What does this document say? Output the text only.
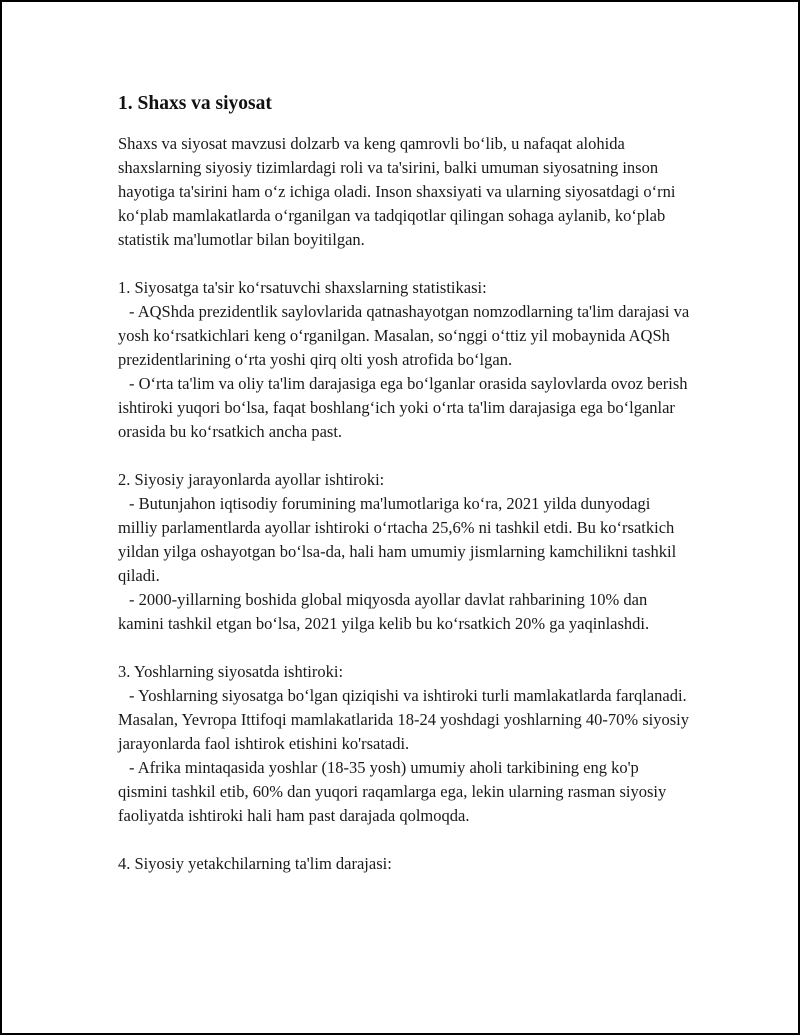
1. Shaxs va siyosat

Shaxs va siyosat mavzusi dolzarb va keng qamrovli bo‘lib, u nafaqat alohida shaxslarning siyosiy tizimlardagi roli va ta'sirini, balki umuman siyosatning inson hayotiga ta'sirini ham o‘z ichiga oladi. Inson shaxsiyati va ularning siyosatdagi o‘rni ko‘plab mamlakatlarda o‘rganilgan va tadqiqotlar qilingan sohaga aylanib, ko‘plab statistik ma'lumotlar bilan boyitilgan.

1. Siyosatga ta'sir ko‘rsatuvchi shaxslarning statistikasi:

- AQShda prezidentlik saylovlarida qatnashayotgan nomzodlarning ta'lim darajasi va yosh ko‘rsatkichlari keng o‘rganilgan. Masalan, so‘nggi o‘ttiz yil mobaynida AQSh prezidentlarining o‘rta yoshi qirq olti yosh atrofida bo‘lgan.

- O‘rta ta'lim va oliy ta'lim darajasiga ega bo‘lganlar orasida saylovlarda ovoz berish ishtiroki yuqori bo‘lsa, faqat boshlang‘ich yoki o‘rta ta'lim darajasiga ega bo‘lganlar orasida bu ko‘rsatkich ancha past.

2. Siyosiy jarayonlarda ayollar ishtiroki:

- Butunjahon iqtisodiy forumining ma'lumotlariga ko‘ra, 2021 yilda dunyodagi milliy parlamentlarda ayollar ishtiroki o‘rtacha 25,6% ni tashkil etdi. Bu ko‘rsatkich yildan yilga oshayotgan bo‘lsa-da, hali ham umumiy jismlarning kamchilikni tashkil qiladi.

- 2000-yillarning boshida global miqyosda ayollar davlat rahbarining 10% dan kamini tashkil etgan bo‘lsa, 2021 yilga kelib bu ko‘rsatkich 20% ga yaqinlashdi.

3. Yoshlarning siyosatda ishtiroki:

- Yoshlarning siyosatga bo‘lgan qiziqishi va ishtiroki turli mamlakatlarda farqlanadi. Masalan, Yevropa Ittifoqi mamlakatlarida 18-24 yoshdagi yoshlarning 40-70% siyosiy jarayonlarda faol ishtirok etishini ko'rsatadi.

- Afrika mintaqasida yoshlar (18-35 yosh) umumiy aholi tarkibining eng ko'p qismini tashkil etib, 60% dan yuqori raqamlarga ega, lekin ularning rasman siyosiy faoliyatda ishtiroki hali ham past darajada qolmoqda.

4. Siyosiy yetakchilarning ta'lim darajasi:
